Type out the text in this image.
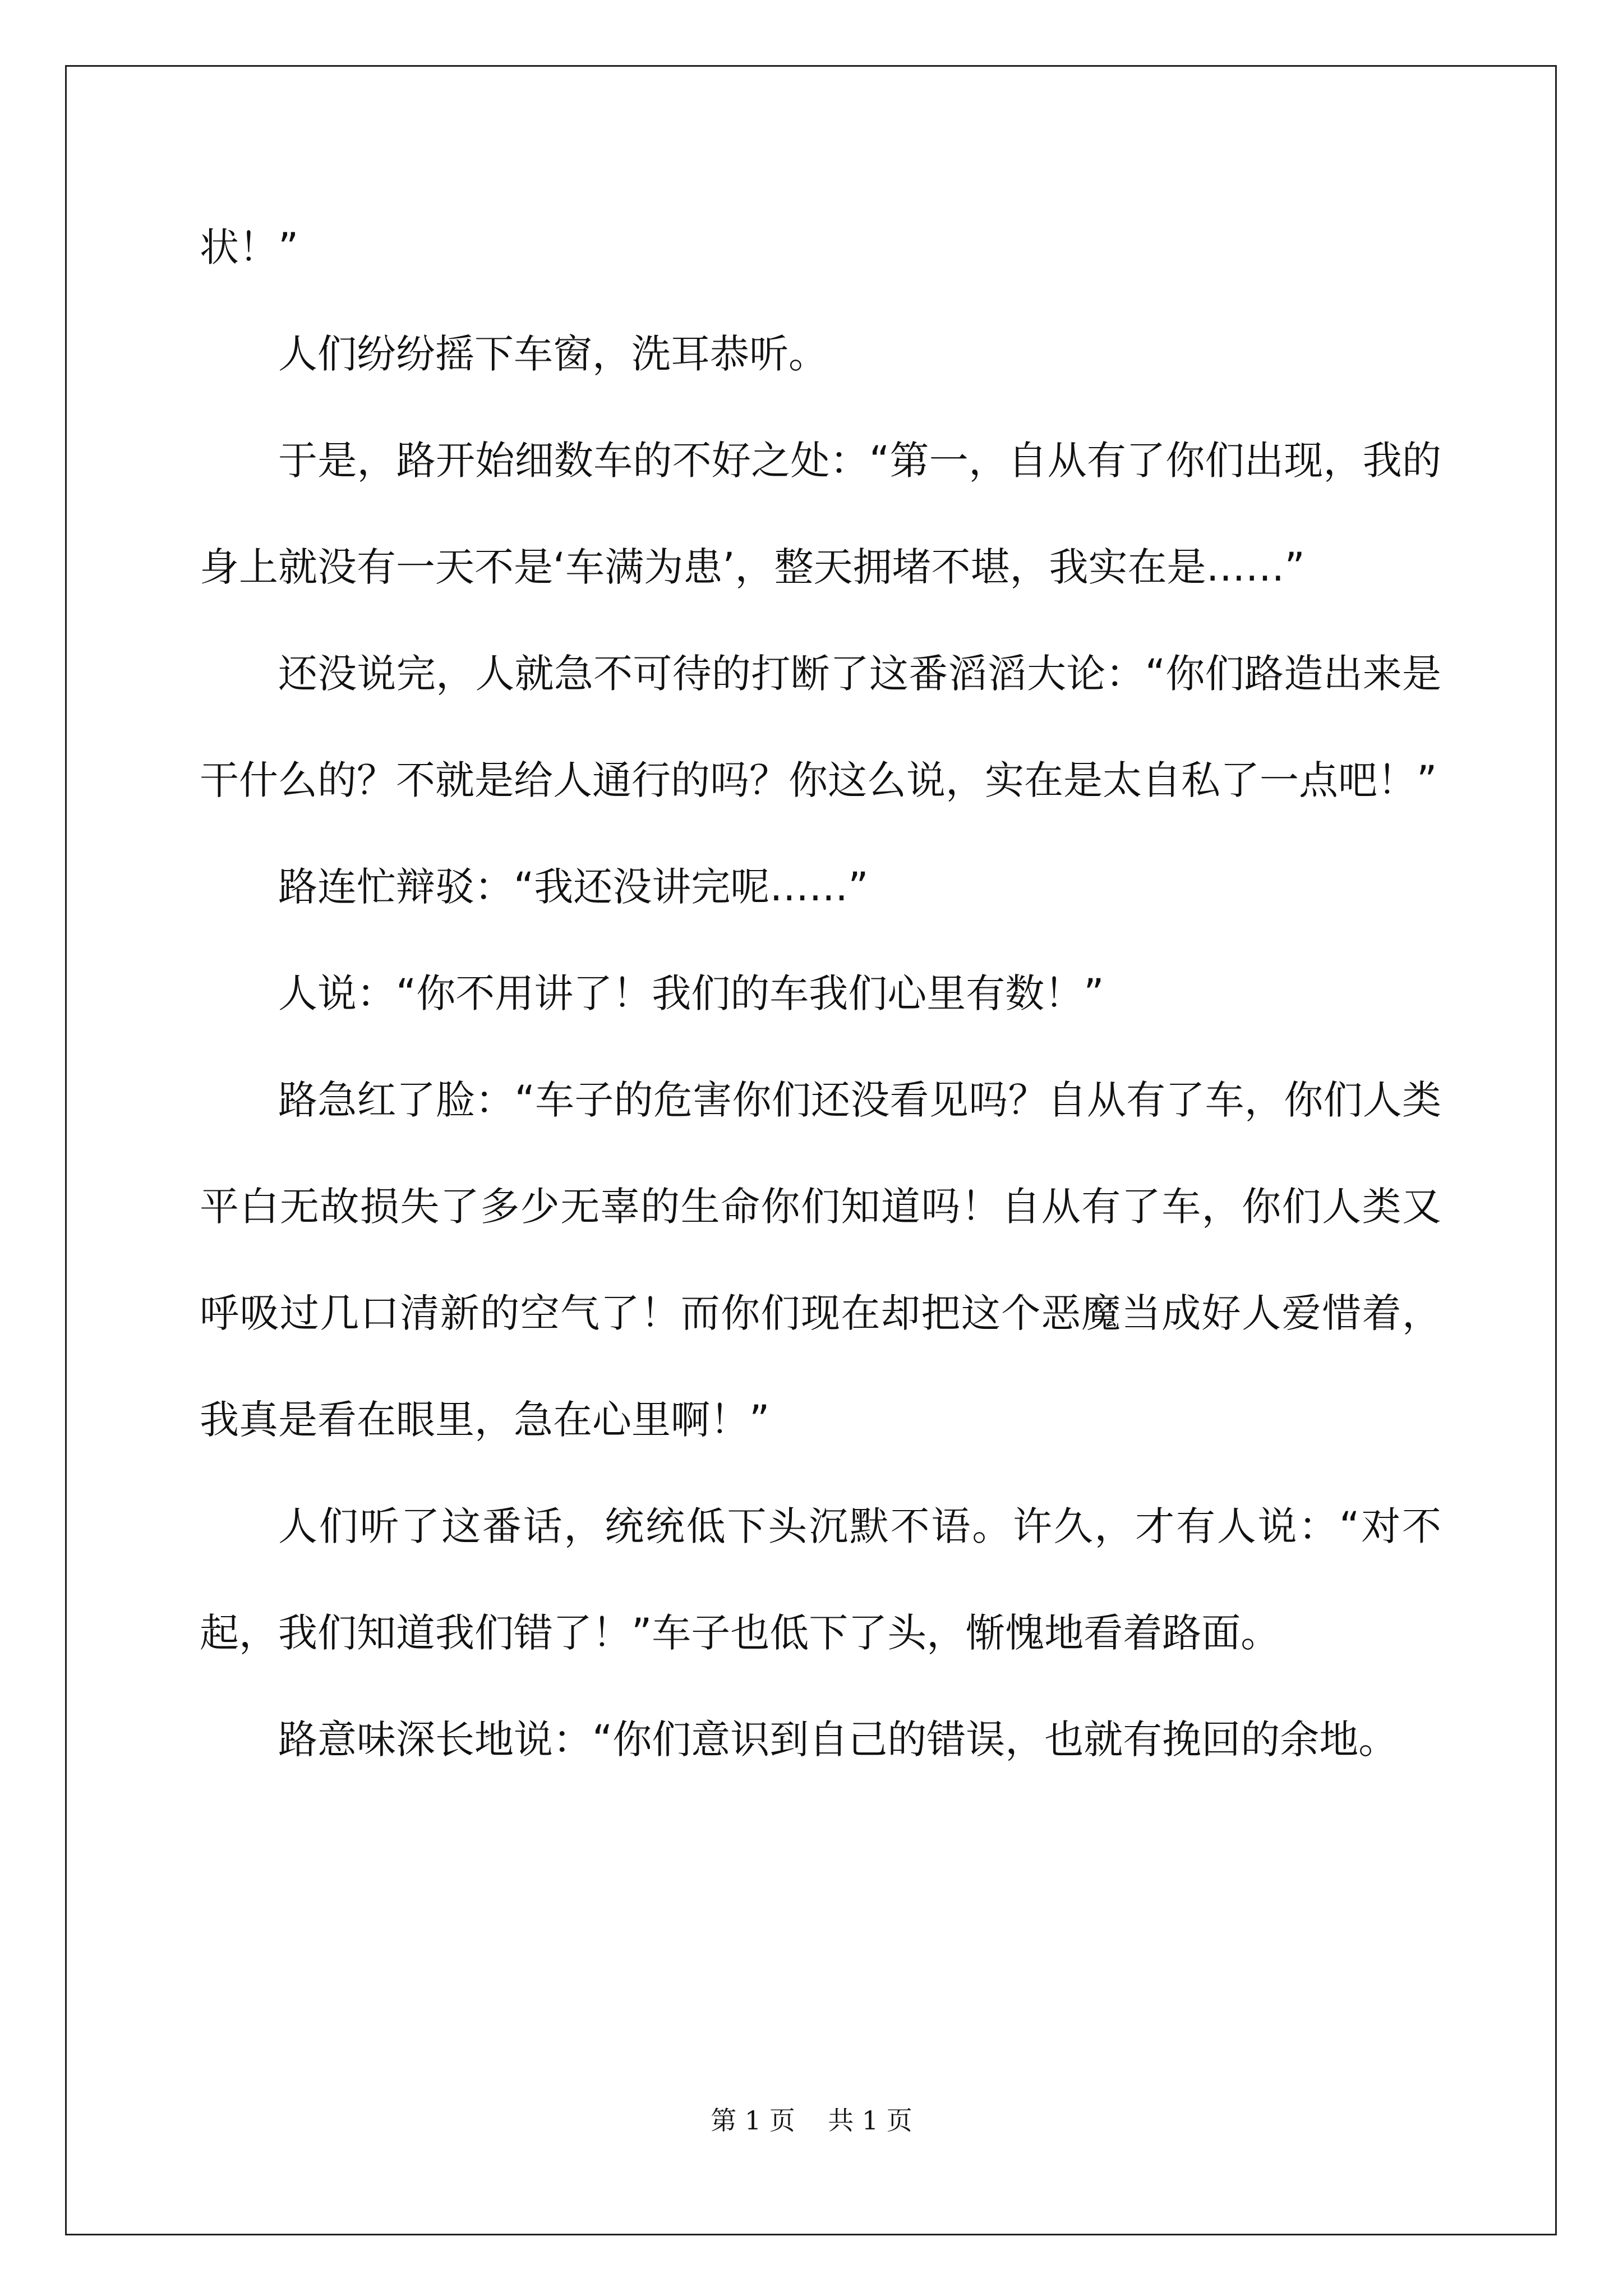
状！”

人们纷纷摇下车窗，洗耳恭听。

于是，路开始细数车的不好之处：“第一，自从有了你们出现，我的身上就没有一天不是‘车满为患’，整天拥堵不堪，我实在是……”

还没说完，人就急不可待的打断了这番滔滔大论：“你们路造出来是干什么的？不就是给人通行的吗？你这么说，实在是太自私了一点吧！”

路连忙辩驳：“我还没讲完呢……”

人说：“你不用讲了！我们的车我们心里有数！”

路急红了脸：“车子的危害你们还没看见吗？自从有了车，你们人类平白无故损失了多少无辜的生命你们知道吗！自从有了车，你们人类又呼吸过几口清新的空气了！而你们现在却把这个恶魔当成好人爱惜着，我真是看在眼里，急在心里啊！”

人们听了这番话，统统低下头沉默不语。许久，才有人说：“对不起，我们知道我们错了！”车子也低下了头，惭愧地看着路面。

路意味深长地说：“你们意识到自己的错误，也就有挽回的余地。

第 1 页    共 1 页
